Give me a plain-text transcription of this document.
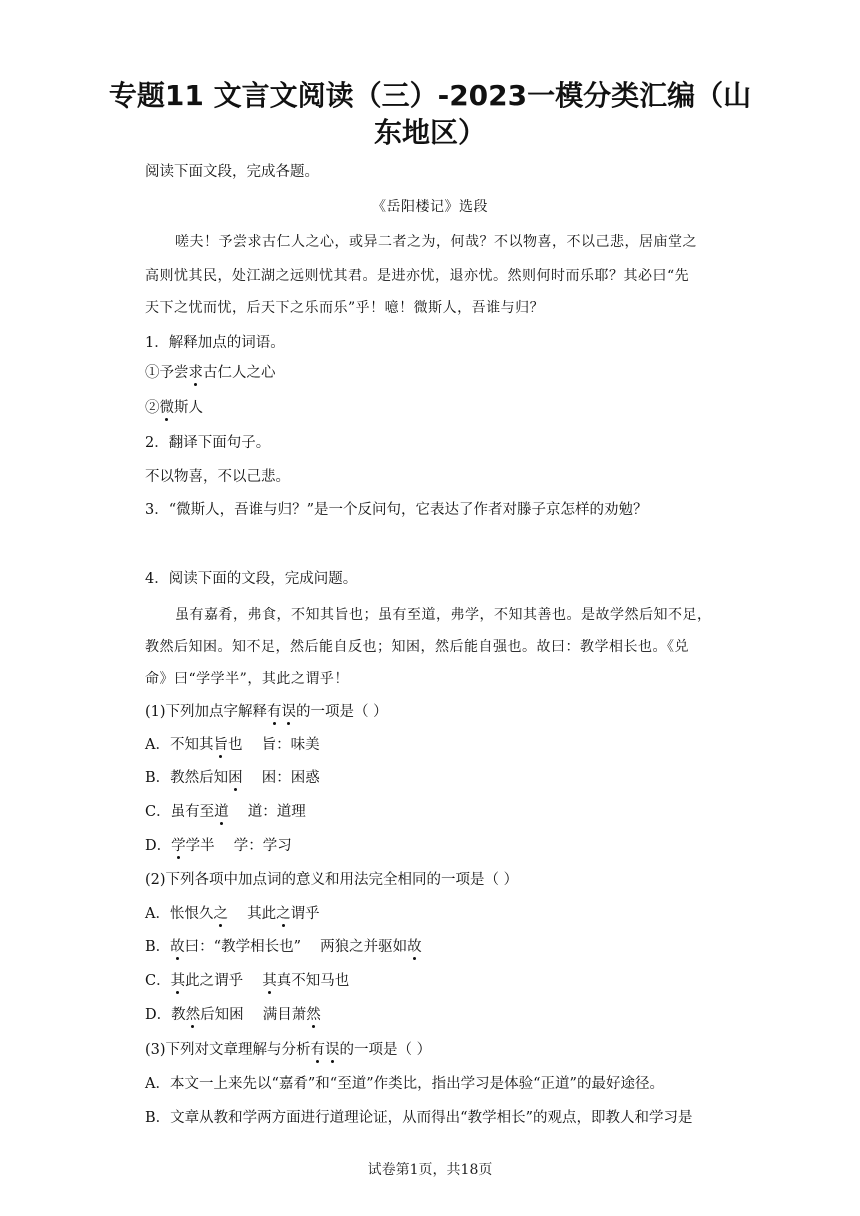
专题11 文言文阅读（三）-2023一模分类汇编（山
东地区）
阅读下面文段，完成各题。
《岳阳楼记》选段
嗟夫！予尝求古仁人之心，或异二者之为，何哉？不以物喜，不以己悲，居庙堂之
高则忧其民，处江湖之远则忧其君。是进亦忧，退亦忧。然则何时而乐耶？其必曰“先
天下之忧而忧，后天下之乐而乐”乎！噫！微斯人，吾谁与归？
1．解释加点的词语。
①予尝求古仁人之心
②微斯人
2．翻译下面句子。
不以物喜，不以己悲。
3．“微斯人，吾谁与归？”是一个反问句，它表达了作者对滕子京怎样的劝勉？
4．阅读下面的文段，完成问题。
虽有嘉肴，弗食，不知其旨也；虽有至道，弗学，不知其善也。是故学然后知不足，
教然后知困。知不足，然后能自反也；知困，然后能自强也。故曰：教学相长也。《兑
命》曰“学学半”，其此之谓乎！
(1)下列加点字解释有误的一项是（ ）
A．不知其旨也　 旨：味美
B．教然后知困　 困：困惑
C．虽有至道　 道：道理
D．学学半　 学：学习
(2)下列各项中加点词的意义和用法完全相同的一项是（ ）
A．怅恨久之　 其此之谓乎
B．故曰：“教学相长也”　 两狼之并驱如故
C．其此之谓乎　 其真不知马也
D．教然后知困　 满目萧然
(3)下列对文章理解与分析有误的一项是（ ）
A．本文一上来先以“嘉肴”和“至道”作类比，指出学习是体验“正道”的最好途径。
B．文章从教和学两方面进行道理论证，从而得出“教学相长”的观点，即教人和学习是
试卷第1页，共18页
